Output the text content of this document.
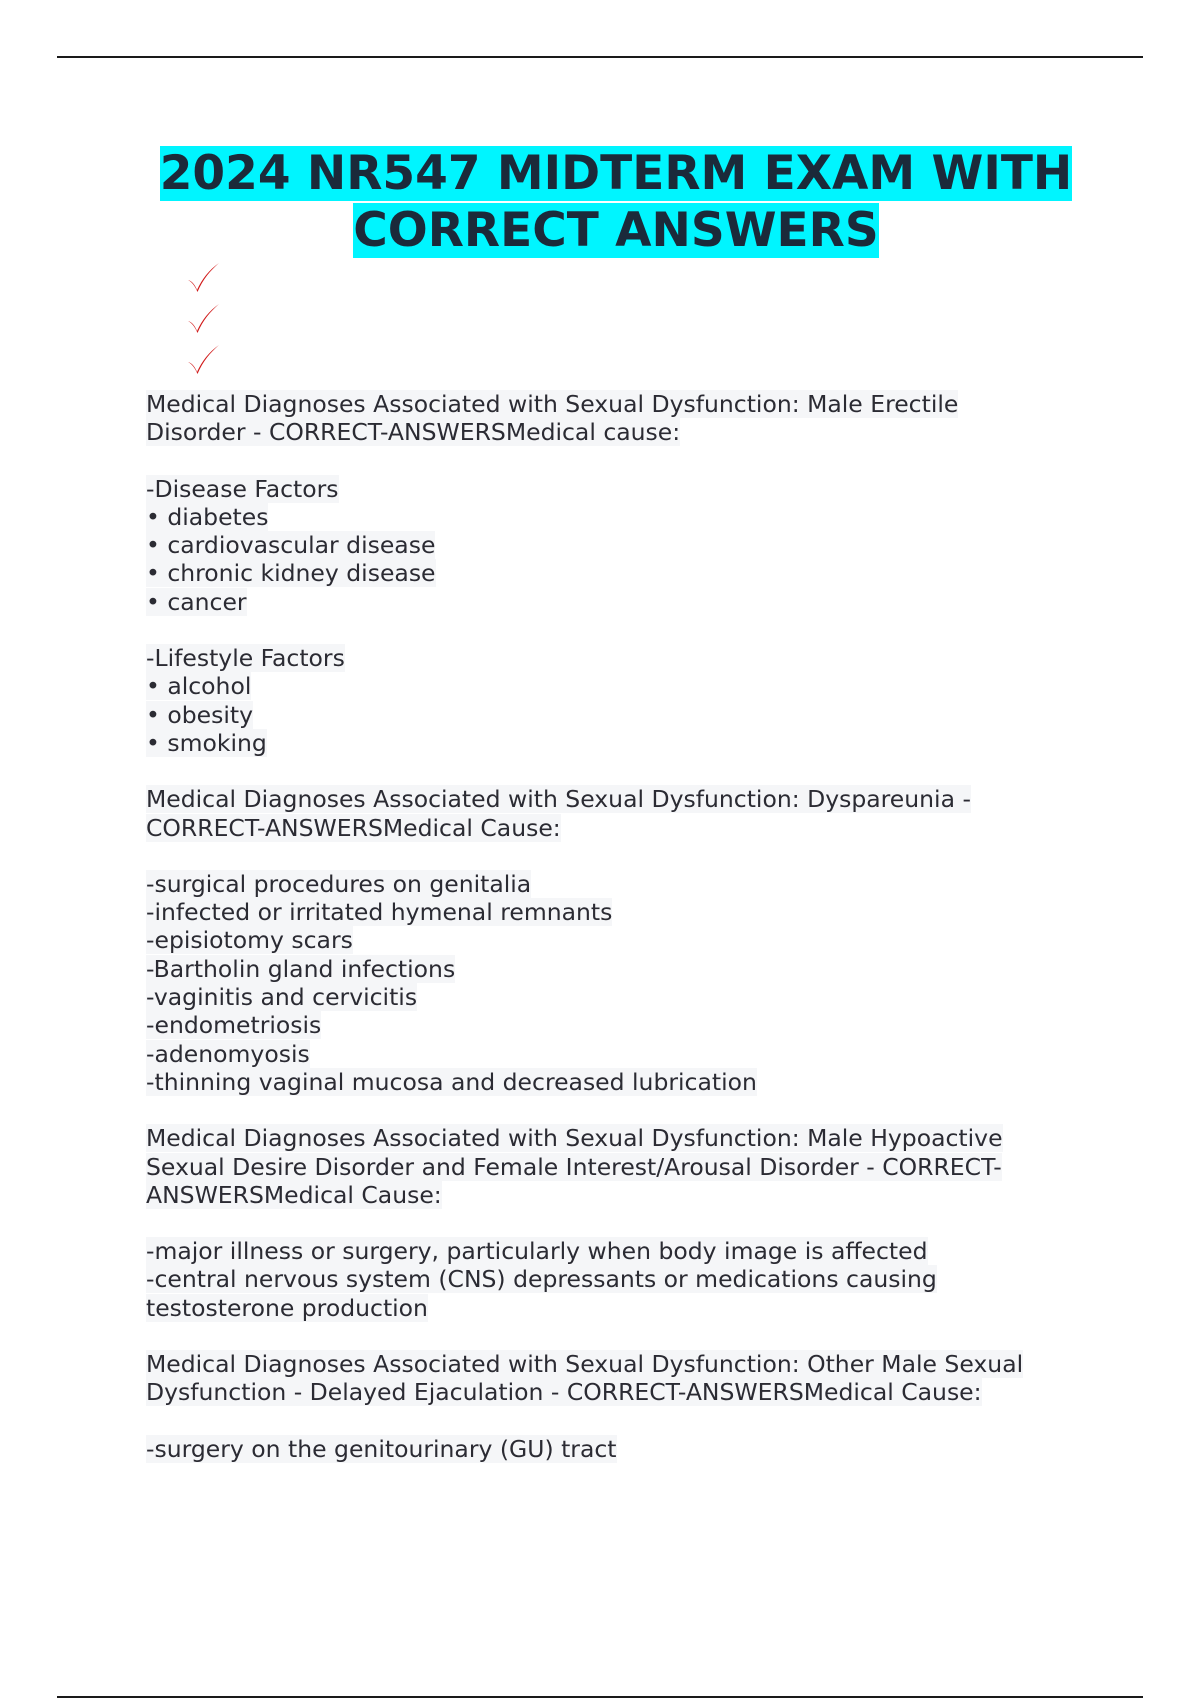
2024 NR547 MIDTERM EXAM WITH
CORRECT ANSWERS

Medical Diagnoses Associated with Sexual Dysfunction: Male Erectile
Disorder - CORRECT-ANSWERSMedical cause:

-Disease Factors
• diabetes
• cardiovascular disease
• chronic kidney disease
• cancer
-Lifestyle Factors
• alcohol
• obesity
• smoking

Medical Diagnoses Associated with Sexual Dysfunction: Dyspareunia -
CORRECT-ANSWERSMedical Cause:

-surgical procedures on genitalia
-infected or irritated hymenal remnants
-episiotomy scars
-Bartholin gland infections
-vaginitis and cervicitis
-endometriosis
-adenomyosis
-thinning vaginal mucosa and decreased lubrication

Medical Diagnoses Associated with Sexual Dysfunction: Male Hypoactive
Sexual Desire Disorder and Female Interest/Arousal Disorder - CORRECT-
ANSWERSMedical Cause:

-major illness or surgery, particularly when body image is affected
-central nervous system (CNS) depressants or medications causing
testosterone production

Medical Diagnoses Associated with Sexual Dysfunction: Other Male Sexual
Dysfunction - Delayed Ejaculation - CORRECT-ANSWERSMedical Cause:

-surgery on the genitourinary (GU) tract
